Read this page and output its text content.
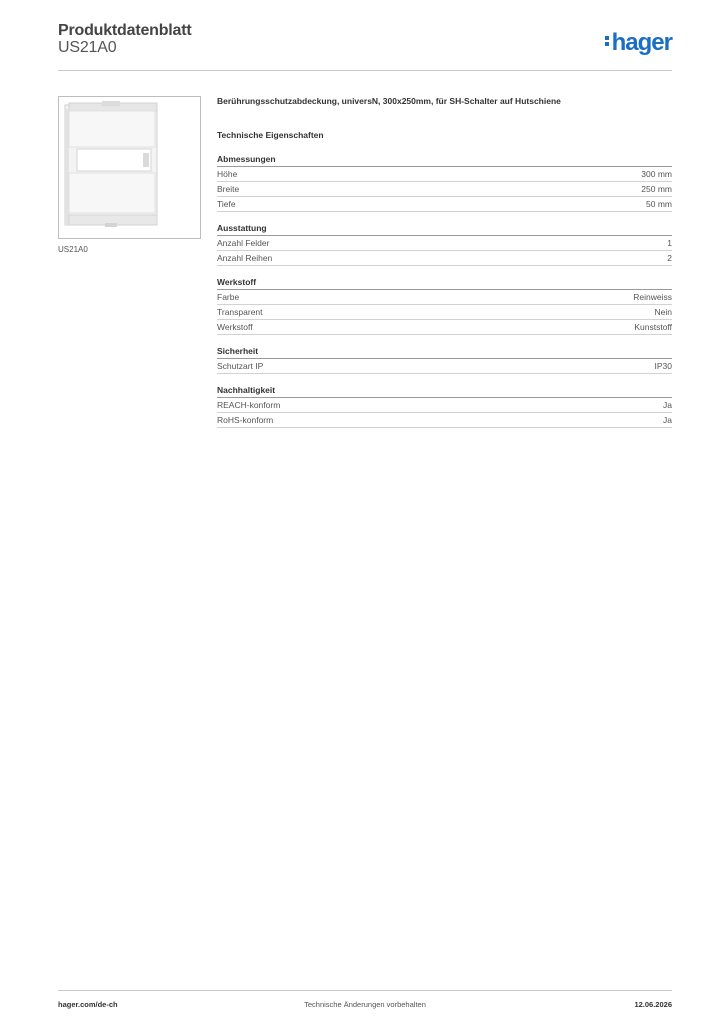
Produktdatenblatt
US21A0	hager
US21A0
Berührungsschutzabdeckung, universN, 300x250mm, für SH-Schalter auf Hutschiene
Technische Eigenschaften
Abmessungen
Höhe	300 mm
Breite	250 mm
Tiefe	50 mm
Ausstattung
Anzahl Felder	1
Anzahl Reihen	2
Werkstoff
Farbe	Reinweiss
Transparent	Nein
Werkstoff	Kunststoff
Sicherheit
Schutzart IP	IP30
Nachhaltigkeit
REACH-konform	Ja
RoHS-konform	Ja
hager.com/de-ch	Technische Änderungen vorbehalten	12.06.2026
